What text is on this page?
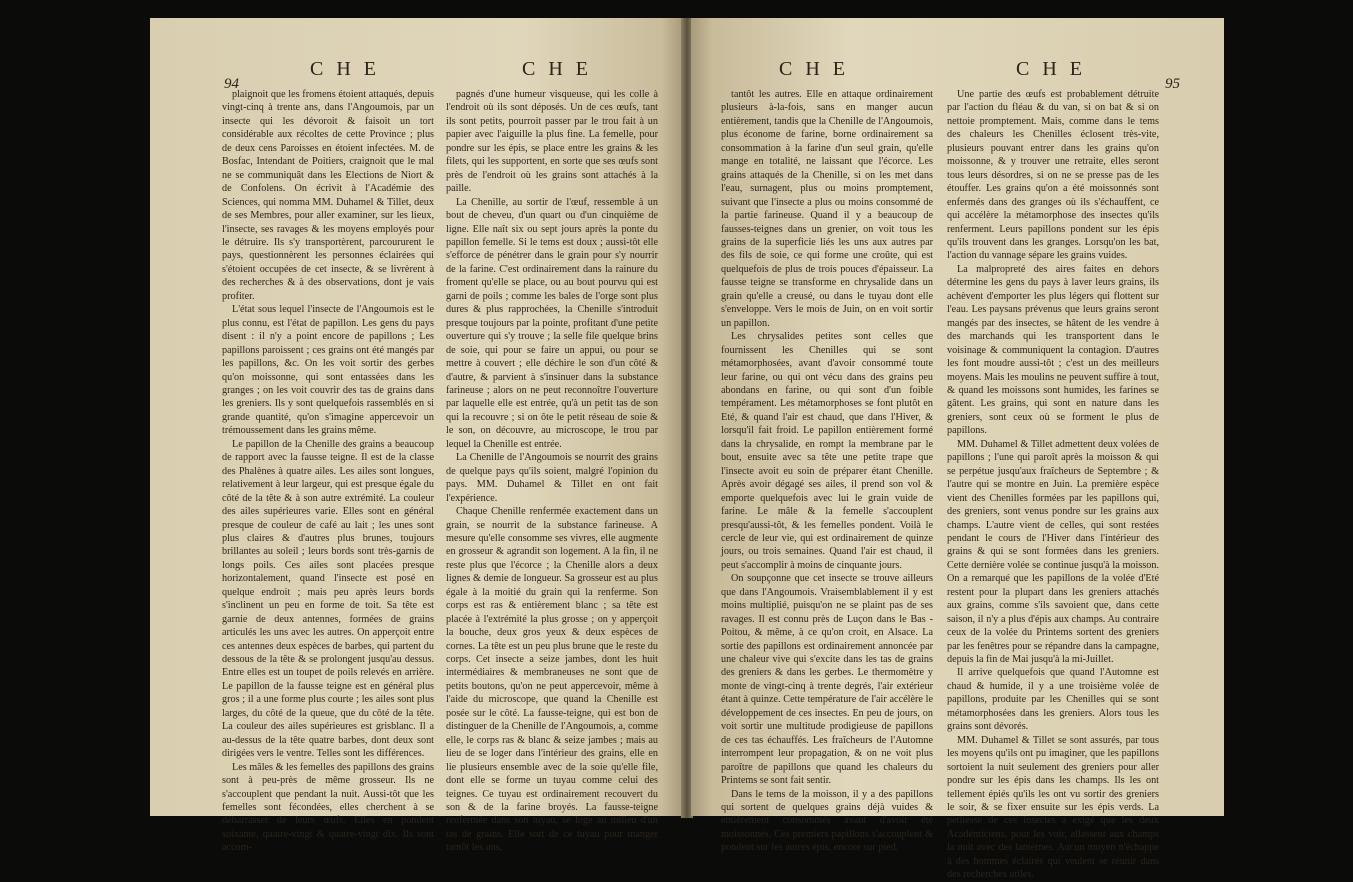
94
C H E	C H E

plaignoit que les fromens étoient attaqués, depuis vingt-cinq à trente ans, dans l'Angoumois, par un insecte qui les dévoroit & faisoit un tort considérable aux récoltes de cette Province ; plus de deux cens Paroisses en étoient infectées. M. de Bosfac, Intendant de Poitiers, craignoit que le mal ne se communiquât dans les Elections de Niort & de Confolens. On écrivit à l'Académie des Sciences, qui nomma MM. Duhamel & Tillet, deux de ses Membres, pour aller examiner, sur les lieux, l'insecte, ses ravages & les moyens employés pour le détruire. Ils s'y transportèrent, parcoururent le pays, questionnèrent les personnes éclairées qui s'étoient occupées de cet insecte, & se livrèrent à des recherches & à des observations, dont je vais profiter.

L'état sous lequel l'insecte de l'Angoumois est le plus connu, est l'état de papillon. Les gens du pays disent : il n'y a point encore de papillons ; Les papillons paroissent ; ces grains ont été mangés par les papillons, &c. On les voit sortir des gerbes qu'on moissonne, qui sont entassées dans les granges ; on les voit couvrir des tas de grains dans les greniers. Ils y sont quelquefois rassemblés en si grande quantité, qu'on s'imagine appercevoir un trémoussement dans les grains même.

Le papillon de la Chenille des grains a beaucoup de rapport avec la fausse teigne. Il est de la classe des Phalènes à quatre ailes. Les ailes sont longues, relativement à leur largeur, qui est presque égale du côté de la tête & à son autre extrémité. La couleur des ailes supérieures varie. Elles sont en général presque de couleur de café au lait ; les unes sont plus claires & d'autres plus brunes, toujours brillantes au soleil ; leurs bords sont très-garnis de longs poils. Ces ailes sont placées presque horizontalement, quand l'insecte est posé en quelque endroit ; mais peu après leurs bords s'inclinent un peu en forme de toit. Sa tête est garnie de deux antennes, formées de grains articulés les uns avec les autres. On apperçoit entre ces antennes deux espèces de barbes, qui partent du dessous de la tête & se prolongent jusqu'au dessus. Entre elles est un toupet de poils relevés en arrière. Le papillon de la fausse teigne est en général plus gros ; il a une forme plus courte ; les ailes sont plus larges, du côté de la queue, que du côté de la tête. La couleur des ailes supérieures est grisblanc. Il a au-dessus de la tête quatre barbes, dont deux sont dirigées vers le ventre. Telles sont les différences.

Les mâles & les femelles des papillons des grains sont à peu-près de même grosseur. Ils ne s'accouplent que pendant la nuit. Aussi-tôt que les femelles sont fécondées, elles cherchent à se débarrasser de leurs œufs. Elles en pondent soixante, quatre-vingt & quatre-vingt dix. Ils sont accom-

pagnés d'une humeur visqueuse, qui les colle à l'endroit où ils sont déposés. Un de ces œufs, tant ils sont petits, pourroit passer par le trou fait à un papier avec l'aiguille la plus fine. La femelle, pour pondre sur les épis, se place entre les grains & les filets, qui les supportent, en sorte que ses œufs sont près de l'endroit où les grains sont attachés à la paille.

La Chenille, au sortir de l'œuf, ressemble à un bout de cheveu, d'un quart ou d'un cinquième de ligne. Elle naît six ou sept jours après la ponte du papillon femelle. Si le tems est doux ; aussi-tôt elle s'efforce de pénétrer dans le grain pour s'y nourrir de la farine. C'est ordinairement dans la rainure du froment qu'elle se place, ou au bout pourvu qui est garni de poils ; comme les bales de l'orge sont plus dures & plus rapprochées, la Chenille s'introduit presque toujours par la pointe, profitant d'une petite ouverture qui s'y trouve ; la selle file quelque brins de soie, qui pour se faire un appui, ou pour se mettre à couvert ; elle déchire le son d'un côté & d'autre, & parvient à s'insinuer dans la substance farineuse ; alors on ne peut reconnoître l'ouverture par laquelle elle est entrée, qu'à un petit tas de son qui la recouvre ; si on ôte le petit réseau de soie & le son, on découvre, au microscope, le trou par lequel la Chenille est entrée.

La Chenille de l'Angoumois se nourrit des grains de quelque pays qu'ils soient, malgré l'opinion du pays. MM. Duhamel & Tillet en ont fait l'expérience.

Chaque Chenille renfermée exactement dans un grain, se nourrit de la substance farineuse. A mesure qu'elle consomme ses vivres, elle augmente en grosseur & agrandit son logement. A la fin, il ne reste plus que l'écorce ; la Chenille alors a deux lignes & demie de longueur. Sa grosseur est au plus égale à la moitié du grain qui la renferme. Son corps est ras & entièrement blanc ; sa tête est placée à l'extrémité la plus grosse ; on y apperçoit la bouche, deux gros yeux & deux espèces de cornes. La tête est un peu plus brune que le reste du corps. Cet insecte a seize jambes, dont les huit intermédiaires & membraneuses ne sont que de petits boutons, qu'on ne peut appercevoir, même à l'aide du microscope, que quand la Chenille est posée sur le côté. La fausse-teigne, qui est bon de distinguer de la Chenille de l'Angoumois, a, comme elle, le corps ras & blanc & seize jambes ; mais au lieu de se loger dans l'intérieur des grains, elle en lie plusieurs ensemble avec de la soie qu'elle file, dont elle se forme un tuyau comme celui des teignes. Ce tuyau est ordinairement recouvert du son & de la farine broyés. La fausse-teigne renfermée dans son tuyau, se loge au milieu d'un tas de grains. Elle sort de ce tuyau pour manger tantôt les uns,

C H E	C H E
95

tantôt les autres. Elle en attaque ordinairement plusieurs à-la-fois, sans en manger aucun entièrement, tandis que la Chenille de l'Angoumois, plus économe de farine, borne ordinairement sa consommation à la farine d'un seul grain, qu'elle mange en totalité, ne laissant que l'écorce. Les grains attaqués de la Chenille, si on les met dans l'eau, surnagent, plus ou moins promptement, suivant que l'insecte a plus ou moins consommé de la partie farineuse. Quand il y a beaucoup de fausses-teignes dans un grenier, on voit tous les grains de la superficie liés les uns aux autres par des fils de soie, ce qui forme une croûte, qui est quelquefois de plus de trois pouces d'épaisseur. La fausse teigne se transforme en chrysalide dans un grain qu'elle a creusé, ou dans le tuyau dont elle s'enveloppe. Vers le mois de Juin, on en voit sortir un papillon.

Les chrysalides petites sont celles que fournissent les Chenilles qui se sont métamorphosées, avant d'avoir consommé toute leur farine, ou qui ont vécu dans des grains peu abondans en farine, ou qui sont d'un foible tempérament. Les métamorphoses se font plutôt en Eté, & quand l'air est chaud, que dans l'Hiver, & lorsqu'il fait froid. Le papillon entièrement formé dans la chrysalide, en rompt la membrane par le bout, ensuite avec sa tête une petite trape que l'insecte avoit eu soin de préparer étant Chenille. Après avoir dégagé ses ailes, il prend son vol & emporte quelquefois avec lui le grain vuide de farine. Le mâle & la femelle s'accouplent presqu'aussi-tôt, & les femelles pondent. Voilà le cercle de leur vie, qui est ordinairement de quinze jours, ou trois semaines. Quand l'air est chaud, il peut s'accomplir à moins de cinquante jours.

On soupçonne que cet insecte se trouve ailleurs que dans l'Angoumois. Vraisemblablement il y est moins multiplié, puisqu'on ne se plaint pas de ses ravages. Il est connu près de Luçon dans le Bas - Poitou, & même, à ce qu'on croit, en Alsace. La sortie des papillons est ordinairement annoncée par une chaleur vive qui s'excite dans les tas de grains des greniers & dans les gerbes. Le thermomètre y monte de vingt-cinq à trente degrés, l'air extérieur étant à quinze. Cette température de l'air accélère le développement de ces insectes. En peu de jours, on voit sortir une multitude prodigieuse de papillons de ces tas échauffés. Les fraîcheurs de l'Automne interrompent leur propagation, & on ne voit plus paroître de papillons que quand les chaleurs du Printems se sont fait sentir.

Dans le tems de la moisson, il y a des papillons qui sortent de quelques grains déjà vuides & entièrement consommés avant d'avoir été moissonnés. Ces premiers papillons s'accouplent & pondent sur les autres épis, encore sur pied.

Une partie des œufs est probablement détruite par l'action du fléau & du van, si on bat & si on nettoie promptement. Mais, comme dans le tems des chaleurs les Chenilles éclosent très-vite, plusieurs pouvant entrer dans les grains qu'on moissonne, & y trouver une retraite, elles seront tous leurs désordres, si on ne se presse pas de les étouffer. Les grains qu'on a été moissonnés sont enfermés dans des granges où ils s'échauffent, ce qui accélère la métamorphose des insectes qu'ils renferment. Leurs papillons pondent sur les épis qu'ils trouvent dans les granges. Lorsqu'on les bat, l'action du vannage sépare les grains vuides.

La malpropreté des aires faites en dehors détermine les gens du pays à laver leurs grains, ils achèvent d'emporter les plus légers qui flottent sur l'eau. Les paysans prévenus que leurs grains seront mangés par des insectes, se hâtent de les vendre à des marchands qui les transportent dans le voisinage & communiquent la contagion. D'autres les font moudre aussi-tôt ; c'est un des meilleurs moyens. Mais les moulins ne peuvent suffire à tout, & quand les moissons sont humides, les farines se gâtent. Les grains, qui sont en nature dans les greniers, sont ceux où se forment le plus de papillons.

MM. Duhamel & Tillet admettent deux volées de papillons ; l'une qui paroît après la moisson & qui se perpétue jusqu'aux fraîcheurs de Septembre ; & l'autre qui se montre en Juin. La première espèce vient des Chenilles formées par les papillons qui, des greniers, sont venus pondre sur les grains aux champs. L'autre vient de celles, qui sont restées pendant le cours de l'Hiver dans l'intérieur des grains & qui se sont formées dans les greniers. Cette dernière volée se continue jusqu'à la moisson. On a remarqué que les papillons de la volée d'Eté restent pour la plupart dans les greniers attachés aux grains, comme s'ils savoient que, dans cette saison, il n'y a plus d'épis aux champs. Au contraire ceux de la volée du Printems sortent des greniers par les fenêtres pour se répandre dans la campagne, depuis la fin de Mai jusqu'à la mi-Juillet.

Il arrive quelquefois que quand l'Automne est chaud & humide, il y a une troisième volée de papillons, produite par les Chenilles qui se sont métamorphosées dans les greniers. Alors tous les grains sont dévorés.

MM. Duhamel & Tillet se sont assurés, par tous les moyens qu'ils ont pu imaginer, que les papillons sortoient la nuit seulement des greniers pour aller pondre sur les épis dans les champs. Ils les ont tellement épiés qu'ils les ont vu sortir des greniers le soir, & se fixer ensuite sur les épis verds. La petitesse de ces insectes a exigé que les deux Académiciens, pour les voir, allassent aux champs la nuit avec des lanternes. Aucun moyen n'échappe à des hommes éclairés qui veulent se réunir dans des recherches utiles.
